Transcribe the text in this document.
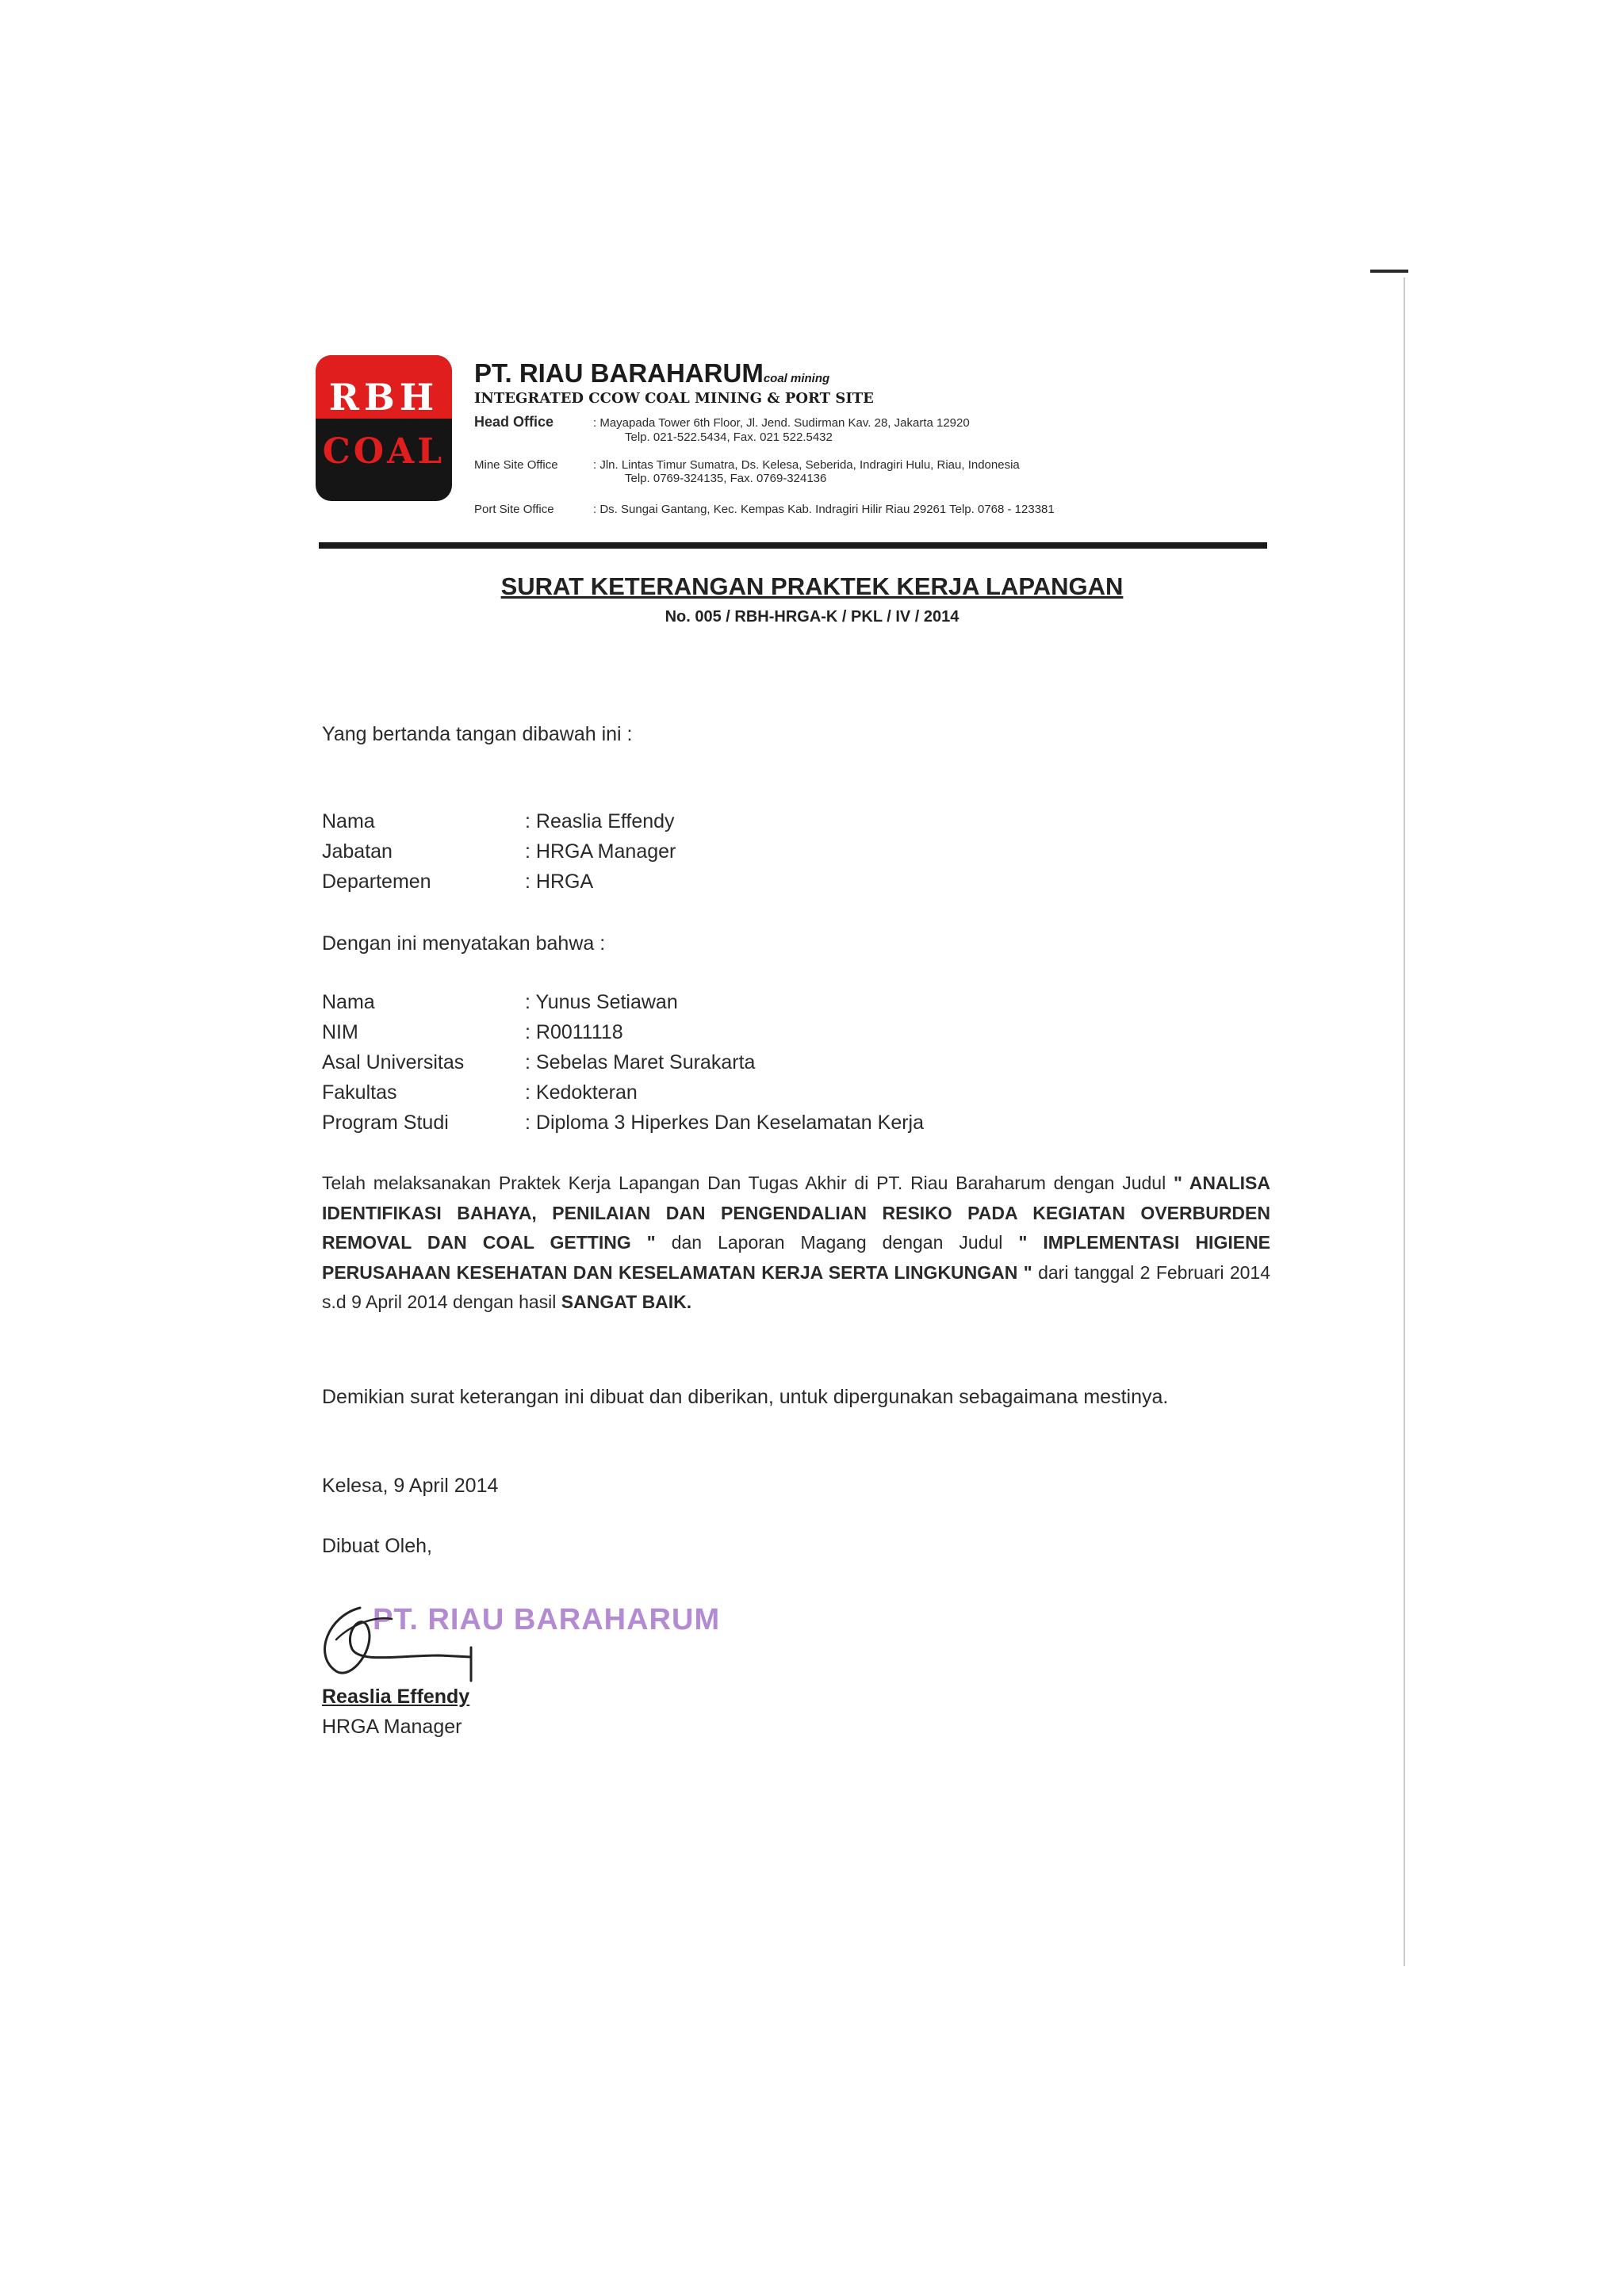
RBH
COAL
PT. RIAU BARAHARUMcoal mining
INTEGRATED CCOW COAL MINING & PORT SITE
Head Office	: Mayapada Tower 6th Floor, Jl. Jend. Sudirman Kav. 28, Jakarta 12920
Telp. 021-522.5434, Fax. 021 522.5432
Mine Site Office	: Jln. Lintas Timur Sumatra, Ds. Kelesa, Seberida, Indragiri Hulu, Riau, Indonesia
Telp. 0769-324135, Fax. 0769-324136
Port Site Office	: Ds. Sungai Gantang, Kec. Kempas Kab. Indragiri Hilir Riau 29261 Telp. 0768 - 123381
SURAT KETERANGAN PRAKTEK KERJA LAPANGAN
No. 005 / RBH-HRGA-K / PKL / IV / 2014
Yang bertanda tangan dibawah ini :
Nama	: Reaslia Effendy
Jabatan	: HRGA Manager
Departemen	: HRGA
Dengan ini menyatakan bahwa :
Nama	: Yunus Setiawan
NIM	: R0011118
Asal Universitas	: Sebelas Maret Surakarta
Fakultas	: Kedokteran
Program Studi	: Diploma 3 Hiperkes Dan Keselamatan Kerja
Telah melaksanakan Praktek Kerja Lapangan Dan Tugas Akhir di PT. Riau Baraharum dengan Judul " ANALISA IDENTIFIKASI BAHAYA, PENILAIAN DAN PENGENDALIAN RESIKO PADA KEGIATAN OVERBURDEN REMOVAL DAN COAL GETTING " dan Laporan Magang dengan Judul " IMPLEMENTASI HIGIENE PERUSAHAAN KESEHATAN DAN KESELAMATAN KERJA SERTA LINGKUNGAN " dari tanggal 2 Februari 2014 s.d 9 April 2014 dengan hasil SANGAT BAIK.
Demikian surat keterangan ini dibuat dan diberikan, untuk dipergunakan sebagaimana mestinya.
Kelesa, 9 April 2014
Dibuat Oleh,
PT. RIAU BARAHARUM
Reaslia Effendy
HRGA Manager
